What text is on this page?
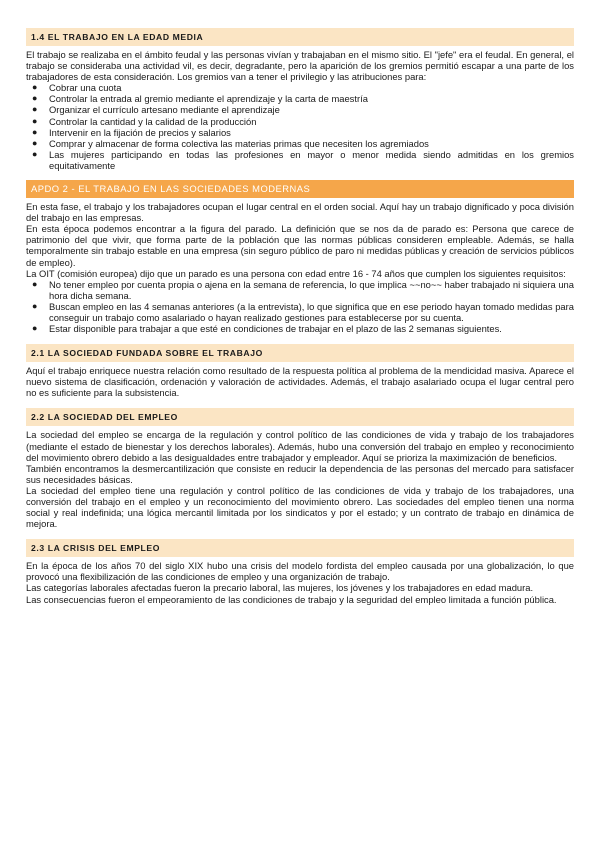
1.4 EL TRABAJO EN LA EDAD MEDIA

El trabajo se realizaba en el ámbito feudal y las personas vivían y trabajaban en el mismo sitio. El "jefe" era el feudal. En general, el trabajo se consideraba una actividad vil, es decir, degradante, pero la aparición de los gremios permitió escapar a una parte de los trabajadores de esta consideración. Los gremios van a tener el privilegio y las atribuciones para:

● Cobrar una cuota
● Controlar la entrada al gremio mediante el aprendizaje y la carta de maestría
● Organizar el currículo artesano mediante el aprendizaje
● Controlar la cantidad y la calidad de la producción
● Intervenir en la fijación de precios y salarios
● Comprar y almacenar de forma colectiva las materias primas que necesiten los agremiados
● Las mujeres participando en todas las profesiones en mayor o menor medida siendo admitidas en los gremios equitativamente
APDO 2 - EL TRABAJO EN LAS SOCIEDADES MODERNAS

En esta fase, el trabajo y los trabajadores ocupan el lugar central en el orden social. Aquí hay un trabajo dignificado y poca división del trabajo en las empresas.

En esta época podemos encontrar a la figura del parado. La definición que se nos da de parado es: Persona que carece de patrimonio del que vivir, que forma parte de la población que las normas públicas consideren empleable. Además, se halla temporalmente sin trabajo estable en una empresa (sin seguro público de paro ni medidas públicas y creación de servicios públicos de empleo).

La OIT (comisión europea) dijo que un parado es una persona con edad entre 16 - 74 años que cumplen los siguientes requisitos:

● No tener empleo por cuenta propia o ajena en la semana de referencia, lo que implica ~~no~~ haber trabajado ni siquiera una hora dicha semana.
● Buscan empleo en las 4 semanas anteriores (a la entrevista), lo que significa que en ese periodo hayan tomado medidas para conseguir un trabajo como asalariado o hayan realizado gestiones para establecerse por su cuenta.
● Estar disponible para trabajar a que esté en condiciones de trabajar en el plazo de las 2 semanas siguientes.
2.1 LA SOCIEDAD FUNDADA SOBRE EL TRABAJO

Aquí el trabajo enriquece nuestra relación como resultado de la respuesta política al problema de la mendicidad masiva. Aparece el nuevo sistema de clasificación, ordenación y valoración de actividades. Además, el trabajo asalariado ocupa el lugar central pero no es suficiente para la subsistencia.

2.2 LA SOCIEDAD DEL EMPLEO

La sociedad del empleo se encarga de la regulación y control político de las condiciones de vida y trabajo de los trabajadores (mediante el estado de bienestar y los derechos laborales). Además, hubo una conversión del trabajo en empleo y reconocimiento del movimiento obrero debido a las desigualdades entre trabajador y empleador. Aquí se prioriza la maximización de beneficios.

También encontramos la desmercantilización que consiste en reducir la dependencia de las personas del mercado para satisfacer sus necesidades básicas.

La sociedad del empleo tiene una regulación y control político de las condiciones de vida y trabajo de los trabajadores, una conversión del trabajo en el empleo y un reconocimiento del movimiento obrero. Las sociedades del empleo tienen una norma social y real indefinida; una lógica mercantil limitada por los sindicatos y por el estado; y un contrato de trabajo en dinámica de mejora.

2.3 LA CRISIS DEL EMPLEO

En la época de los años 70 del siglo XIX hubo una crisis del modelo fordista del empleo causada por una globalización, lo que provocó una flexibilización de las condiciones de empleo y una organización de trabajo.

Las categorías laborales afectadas fueron la precario laboral, las mujeres, los jóvenes y los trabajadores en edad madura.

Las consecuencias fueron el empeoramiento de las condiciones de trabajo y la seguridad del empleo limitada a función pública.
